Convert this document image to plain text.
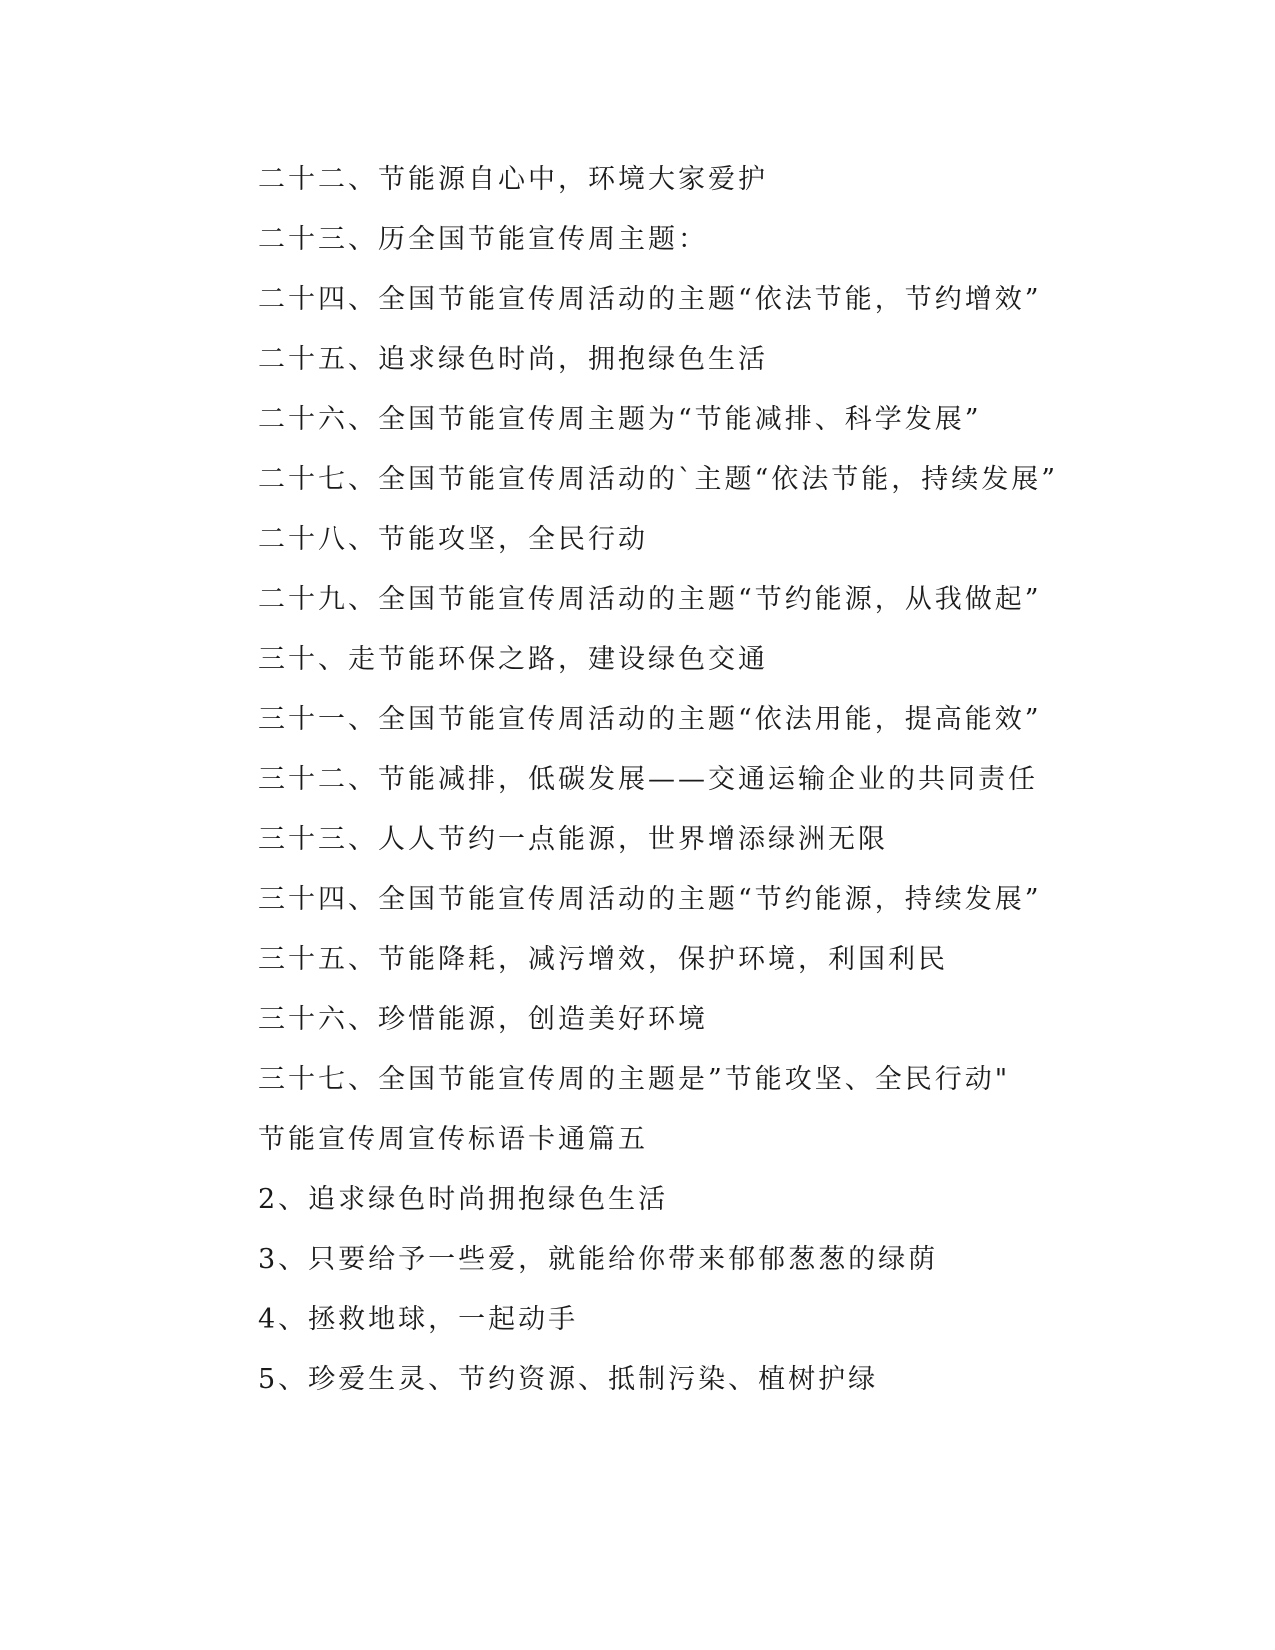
二十二、节能源自心中，环境大家爱护
二十三、历全国节能宣传周主题：
二十四、全国节能宣传周活动的主题“依法节能，节约增效”
二十五、追求绿色时尚，拥抱绿色生活
二十六、全国节能宣传周主题为“节能减排、科学发展”
二十七、全国节能宣传周活动的`主题“依法节能，持续发展”
二十八、节能攻坚，全民行动
二十九、全国节能宣传周活动的主题“节约能源，从我做起”
三十、走节能环保之路，建设绿色交通
三十一、全国节能宣传周活动的主题“依法用能，提高能效”
三十二、节能减排，低碳发展——交通运输企业的共同责任
三十三、人人节约一点能源，世界增添绿洲无限
三十四、全国节能宣传周活动的主题“节约能源，持续发展”
三十五、节能降耗，减污增效，保护环境，利国利民
三十六、珍惜能源，创造美好环境
三十七、全国节能宣传周的主题是”节能攻坚、全民行动"
节能宣传周宣传标语卡通篇五
2、追求绿色时尚拥抱绿色生活
3、只要给予一些爱，就能给你带来郁郁葱葱的绿荫
4、拯救地球，一起动手
5、珍爱生灵、节约资源、抵制污染、植树护绿
